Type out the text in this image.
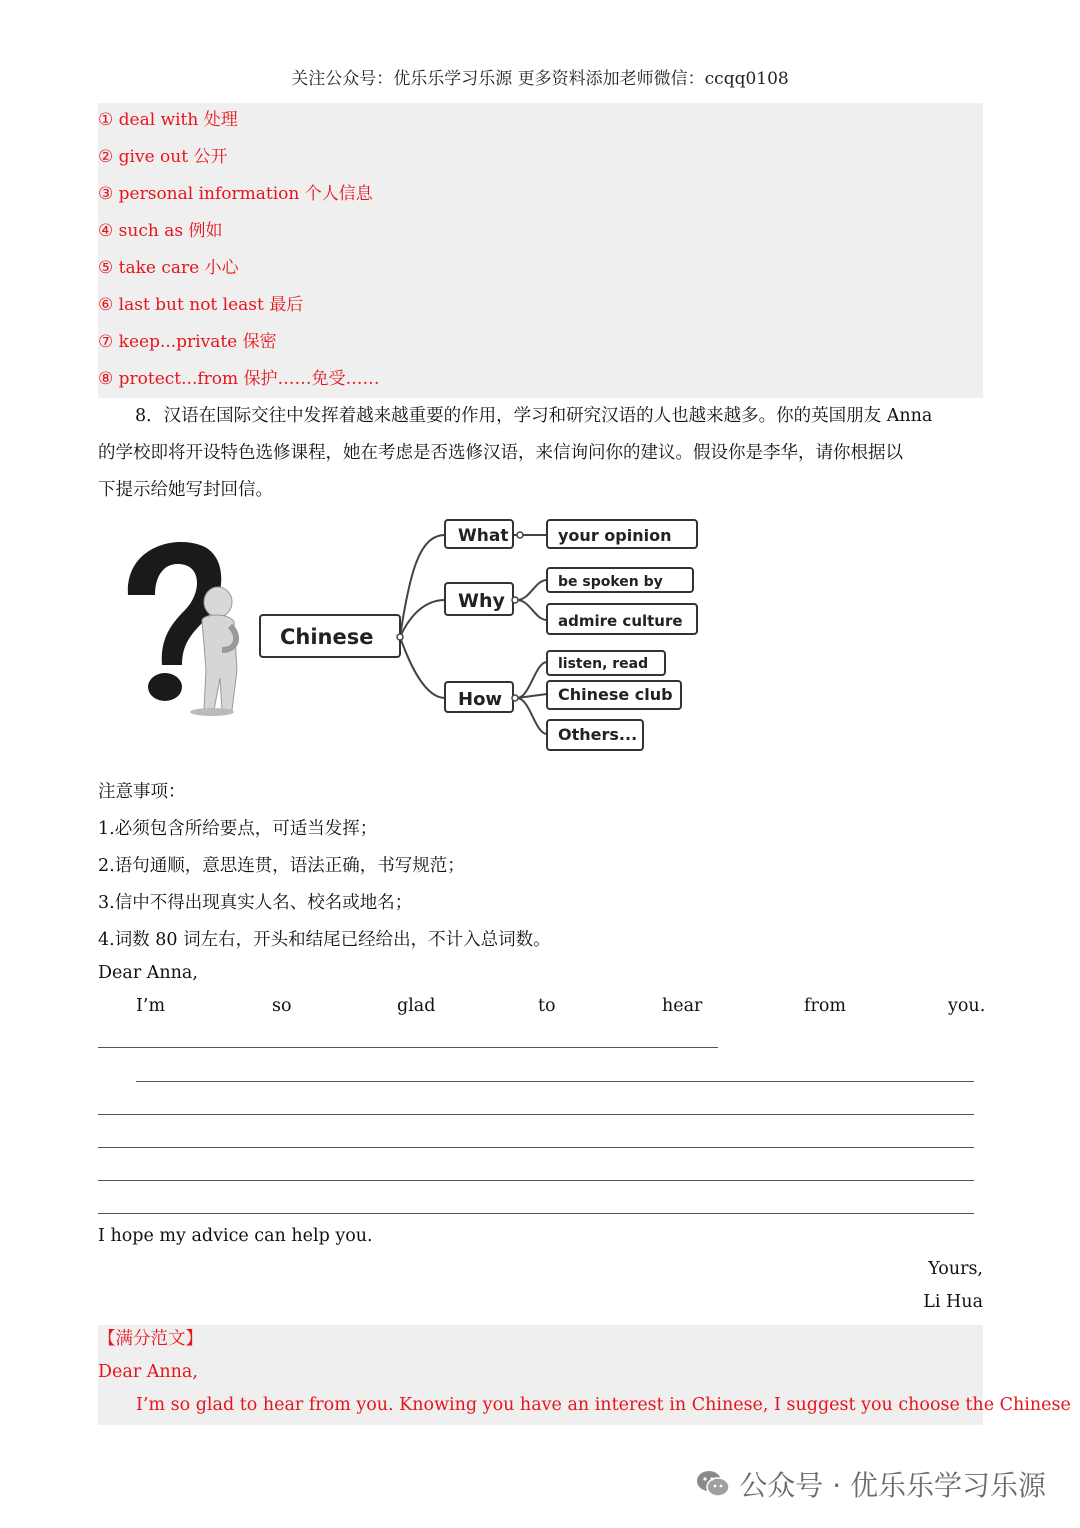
关注公众号：优乐乐学习乐源 更多资料添加老师微信：ccqq0108
① deal with 处理
② give out 公开
③ personal information 个人信息
④ such as 例如
⑤ take care 小心
⑥ last but not least 最后
⑦ keep...private 保密
⑧ protect...from 保护……免受……
8．汉语在国际交往中发挥着越来越重要的作用，学习和研究汉语的人也越来越多。你的英国朋友 Anna
的学校即将开设特色选修课程，她在考虑是否选修汉语，来信询问你的建议。假设你是李华，请你根据以
下提示给她写封回信。
Chinese
What
Why
How
your opinion
be spoken by
admire culture
listen, read
Chinese club
Others...
注意事项：
1.必须包含所给要点，可适当发挥；
2.语句通顺，意思连贯，语法正确，书写规范；
3.信中不得出现真实人名、校名或地名；
4.词数 80 词左右，开头和结尾已经给出，不计入总词数。
Dear Anna,
I’m	so	glad	to	hear	from	you.
I hope my advice can help you.
Yours,
Li Hua
【满分范文】
Dear Anna,
I’m so glad to hear from you. Knowing you have an interest in Chinese, I suggest you choose the Chinese
公众号 · 优乐乐学习乐源
